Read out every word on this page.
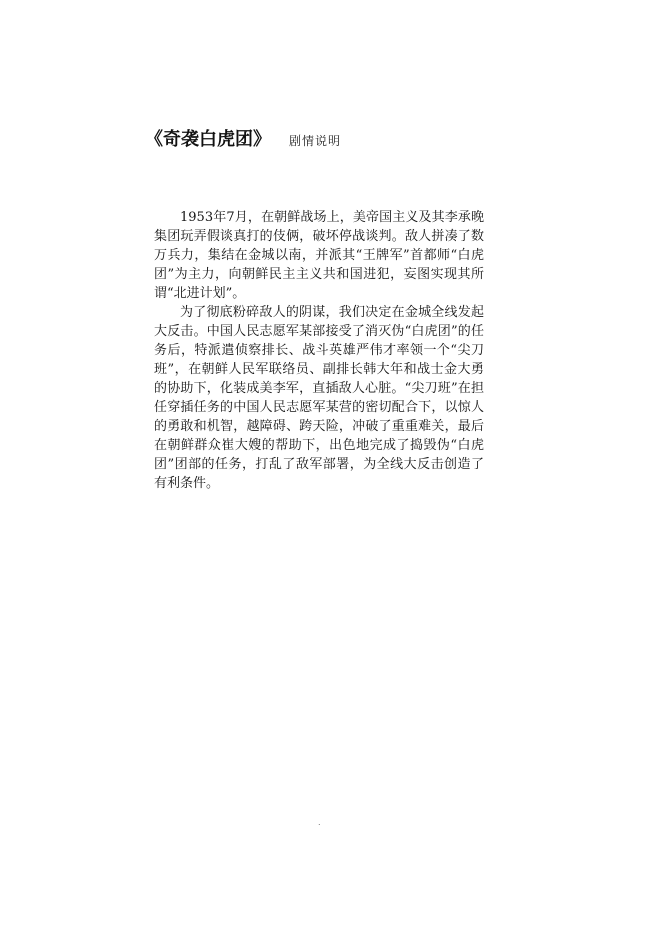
《奇袭白虎团》 剧情说明

1953年7月，在朝鲜战场上，美帝国主义及其李承晚集团玩弄假谈真打的伎俩，破坏停战谈判。敌人拼凑了数万兵力，集结在金城以南，并派其“王牌军”首都师“白虎团”为主力，向朝鲜民主主义共和国进犯，妄图实现其所谓“北进计划”。

为了彻底粉碎敌人的阴谋，我们决定在金城全线发起大反击。中国人民志愿军某部接受了消灭伪“白虎团”的任务后，特派遣侦察排长、战斗英雄严伟才率领一个“尖刀班”，在朝鲜人民军联络员、副排长韩大年和战士金大勇的协助下，化装成美李军，直插敌人心脏。“尖刀班”在担任穿插任务的中国人民志愿军某营的密切配合下，以惊人的勇敢和机智，越障碍、跨天险，冲破了重重难关，最后在朝鲜群众崔大嫂的帮助下，出色地完成了捣毁伪“白虎团”团部的任务，打乱了敌军部署，为全线大反击创造了有利条件。

.
